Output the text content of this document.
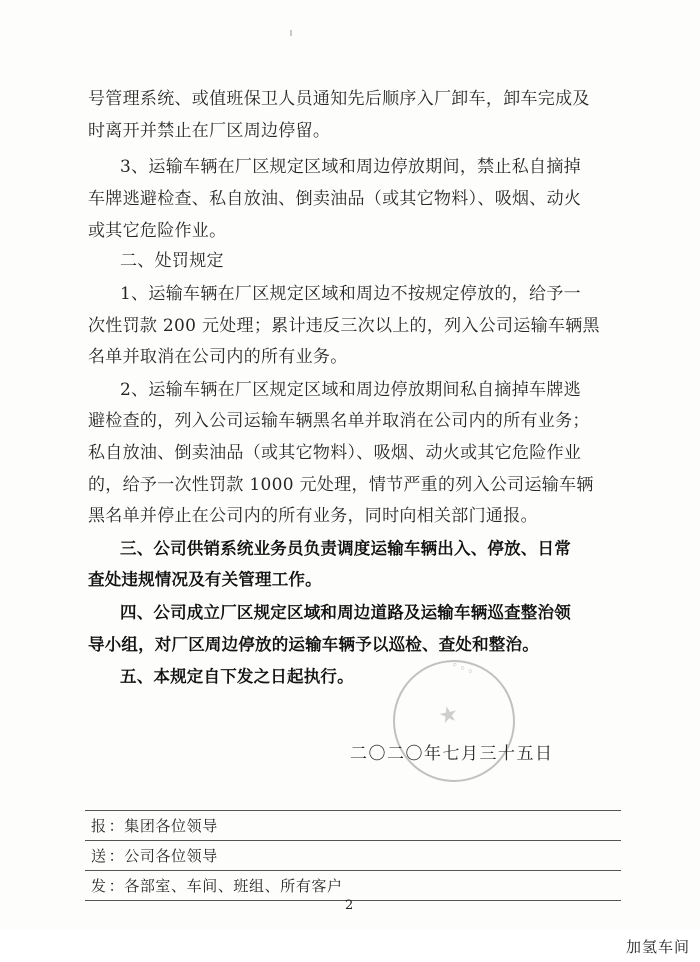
号管理系统、或值班保卫人员通知先后顺序入厂卸车，卸车完成及
时离开并禁止在厂区周边停留。
3、运输车辆在厂区规定区域和周边停放期间，禁止私自摘掉
车牌逃避检查、私自放油、倒卖油品（或其它物料）、吸烟、动火
或其它危险作业。
二、处罚规定
1、运输车辆在厂区规定区域和周边不按规定停放的，给予一
次性罚款 200 元处理；累计违反三次以上的，列入公司运输车辆黑
名单并取消在公司内的所有业务。
2、运输车辆在厂区规定区域和周边停放期间私自摘掉车牌逃
避检查的，列入公司运输车辆黑名单并取消在公司内的所有业务；
私自放油、倒卖油品（或其它物料）、吸烟、动火或其它危险作业
的，给予一次性罚款 1000 元处理，情节严重的列入公司运输车辆
黑名单并停止在公司内的所有业务，同时向相关部门通报。
三、公司供销系统业务员负责调度运输车辆出入、停放、日常
查处违规情况及有关管理工作。
四、公司成立厂区规定区域和周边道路及运输车辆巡查整治领
导小组，对厂区周边停放的运输车辆予以巡检、查处和整治。
五、本规定自下发之日起执行。
★
◦◦◦
二〇二〇年七月三十五日
报 ：集团各位领导
送 ：公司各位领导
发 ：各部室、车间、班组、所有客户
2
加氢车间
